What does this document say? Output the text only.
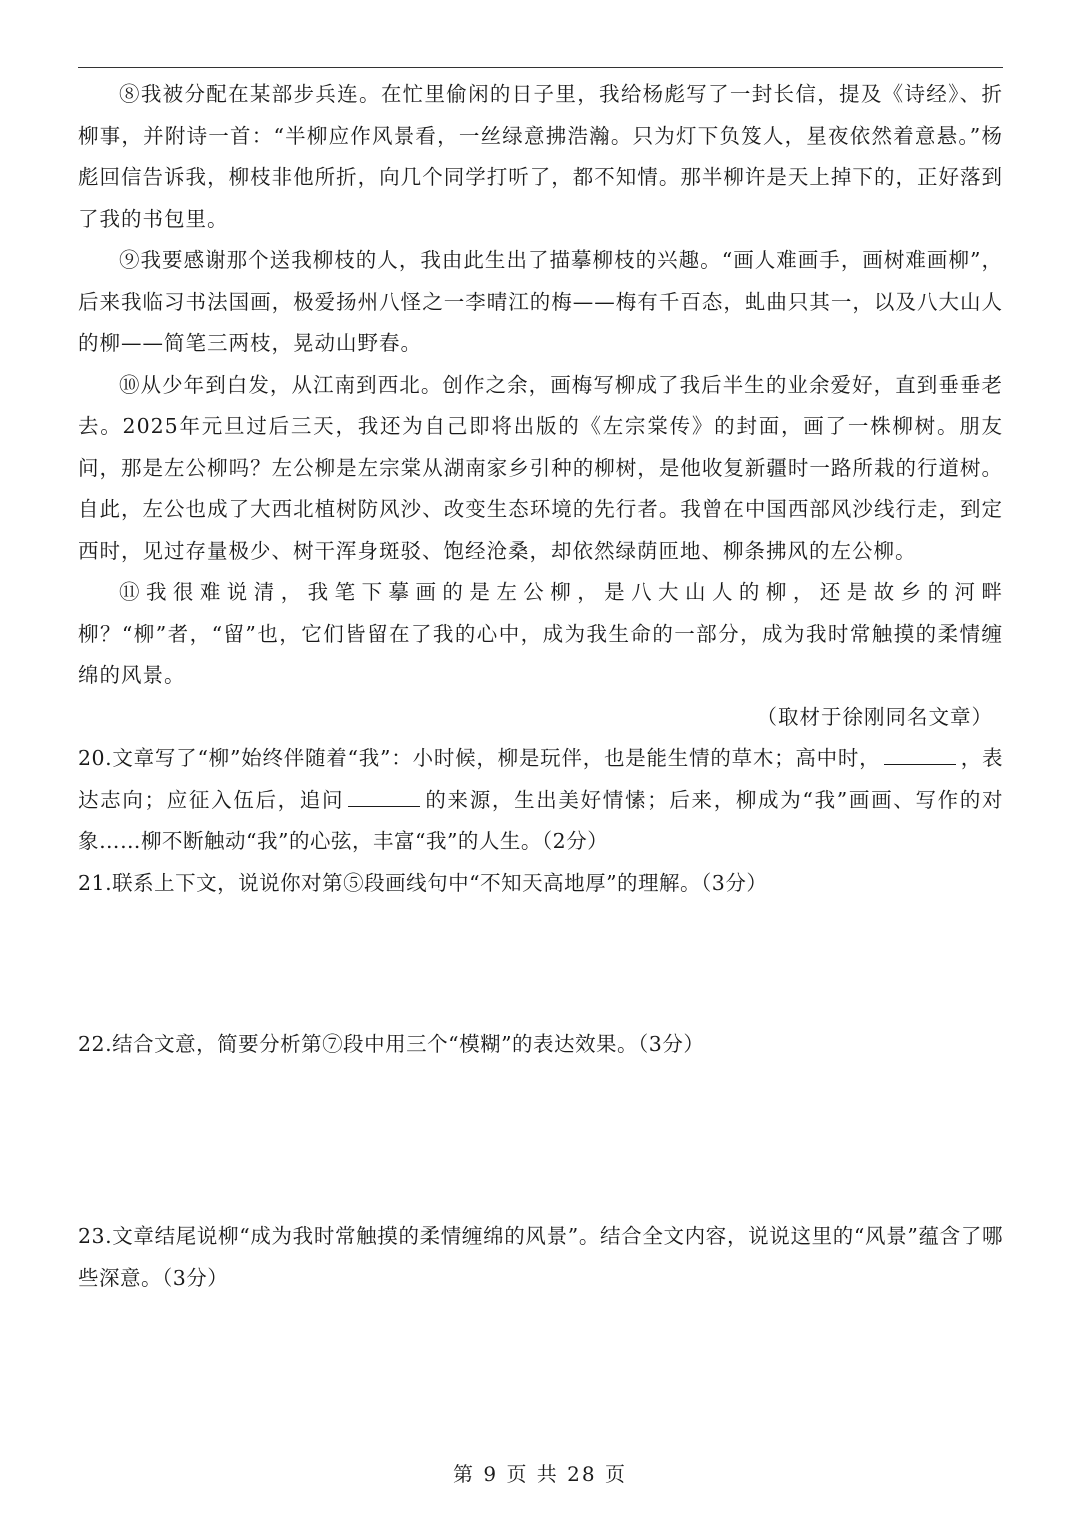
⑧我被分配在某部步兵连。在忙里偷闲的日子里，我给杨彪写了一封长信，提及《诗经》、折柳事，并附诗一首：“半柳应作风景看，一丝绿意拂浩瀚。只为灯下负笈人，星夜依然着意悬。”杨彪回信告诉我，柳枝非他所折，向几个同学打听了，都不知情。那半柳许是天上掉下的，正好落到了我的书包里。

⑨我要感谢那个送我柳枝的人，我由此生出了描摹柳枝的兴趣。“画人难画手，画树难画柳”，后来我临习书法国画，极爱扬州八怪之一李晴江的梅——梅有千百态，虬曲只其一，以及八大山人的柳——简笔三两枝，晃动山野春。

⑩从少年到白发，从江南到西北。创作之余，画梅写柳成了我后半生的业余爱好，直到垂垂老去。2025年元旦过后三天，我还为自己即将出版的《左宗棠传》的封面，画了一株柳树。朋友问，那是左公柳吗？左公柳是左宗棠从湖南家乡引种的柳树，是他收复新疆时一路所栽的行道树。自此，左公也成了大西北植树防风沙、改变生态环境的先行者。我曾在中国西部风沙线行走，到定西时，见过存量极少、树干浑身斑驳、饱经沧桑，却依然绿荫匝地、柳条拂风的左公柳。

⑪我很难说清，我笔下摹画的是左公柳，是八大山人的柳，还是故乡的河畔柳？“柳”者，“留”也，它们皆留在了我的心中，成为我生命的一部分，成为我时常触摸的柔情缠绵的风景。

（取材于徐刚同名文章）

20.文章写了“柳”始终伴随着“我”：小时候，柳是玩伴，也是能生情的草木；高中时，	，表达志向；应征入伍后，追问	的来源，生出美好情愫；后来，柳成为“我”画画、写作的对象……柳不断触动“我”的心弦，丰富“我”的人生。（2分）

21.联系上下文，说说你对第⑤段画线句中“不知天高地厚”的理解。（3分）

22.结合文意，简要分析第⑦段中用三个“模糊”的表达效果。（3分）

23.文章结尾说柳“成为我时常触摸的柔情缠绵的风景”。结合全文内容，说说这里的“风景”蕴含了哪些深意。（3分）

第 9 页 共 28 页
